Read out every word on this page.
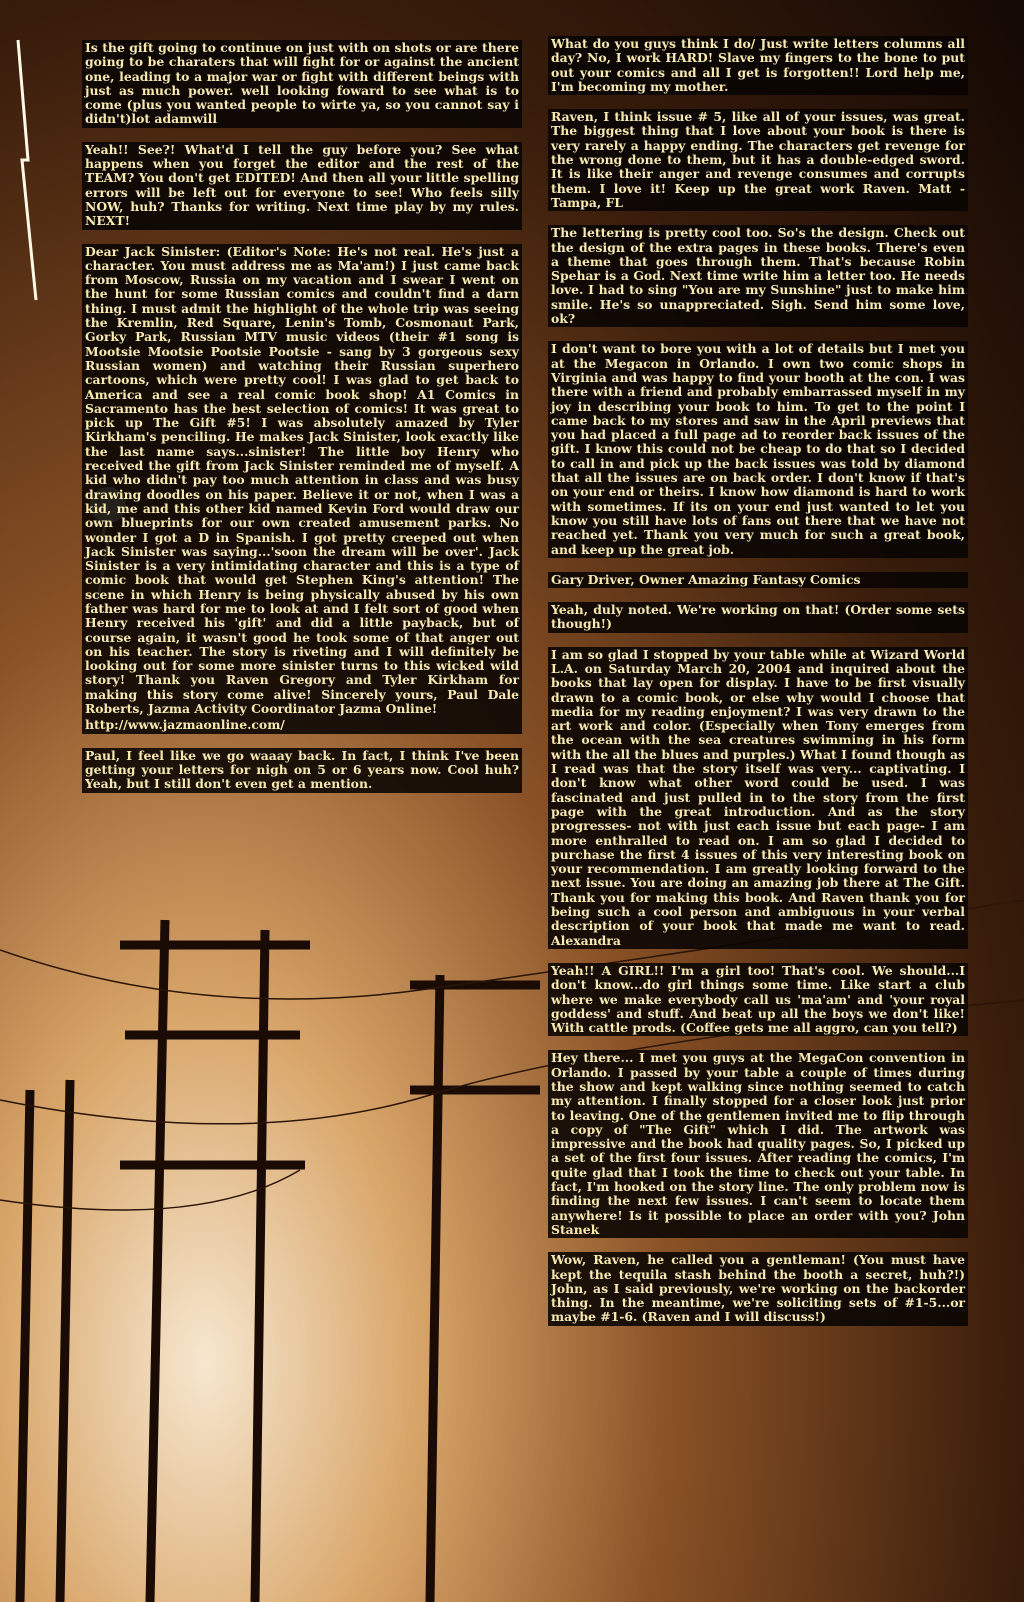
Is the gift going to continue on just with on shots or are there going to be charaters that will fight for or against the ancient one, leading to a major war or fight with different beings with just as much power. well looking foward to see what is to come (plus you wanted people to wirte ya, so you cannot say i didn't)lot adamwill

Yeah!! See?! What'd I tell the guy before you? See what happens when you forget the editor and the rest of the TEAM? You don't get EDITED! And then all your little spelling errors will be left out for everyone to see! Who feels silly NOW, huh? Thanks for writing. Next time play by my rules. NEXT!

Dear Jack Sinister: (Editor's Note: He's not real. He's just a character. You must address me as Ma'am!) I just came back from Moscow, Russia on my vacation and I swear I went on the hunt for some Russian comics and couldn't find a darn thing. I must admit the highlight of the whole trip was seeing the Kremlin, Red Square, Lenin's Tomb, Cosmonaut Park, Gorky Park, Russian MTV music videos (their #1 song is Mootsie Mootsie Pootsie Pootsie - sang by 3 gorgeous sexy Russian women) and watching their Russian superhero cartoons, which were pretty cool! I was glad to get back to America and see a real comic book shop! A1 Comics in Sacramento has the best selection of comics! It was great to pick up The Gift #5! I was absolutely amazed by Tyler Kirkham's penciling. He makes Jack Sinister, look exactly like the last name says...sinister! The little boy Henry who received the gift from Jack Sinister reminded me of myself. A kid who didn't pay too much attention in class and was busy drawing doodles on his paper. Believe it or not, when I was a kid, me and this other kid named Kevin Ford would draw our own blueprints for our own created amusement parks. No wonder I got a D in Spanish. I got pretty creeped out when Jack Sinister was saying...'soon the dream will be over'. Jack Sinister is a very intimidating character and this is a type of comic book that would get Stephen King's attention! The scene in which Henry is being physically abused by his own father was hard for me to look at and I felt sort of good when Henry received his 'gift' and did a little payback, but of course again, it wasn't good he took some of that anger out on his teacher. The story is riveting and I will definitely be looking out for some more sinister turns to this wicked wild story! Thank you Raven Gregory and Tyler Kirkham for making this story come alive! Sincerely yours, Paul Dale Roberts, Jazma Activity Coordinator Jazma Online!

http://www.jazmaonline.com/

Paul, I feel like we go waaay back. In fact, I think I've been getting your letters for nigh on 5 or 6 years now. Cool huh? Yeah, but I still don't even get a mention.

What do you guys think I do/ Just write letters columns all day? No, I work HARD! Slave my fingers to the bone to put out your comics and all I get is forgotten!! Lord help me, I'm becoming my mother.

Raven, I think issue # 5, like all of your issues, was great. The biggest thing that I love about your book is there is very rarely a happy ending. The characters get revenge for the wrong done to them, but it has a double-edged sword. It is like their anger and revenge consumes and corrupts them. I love it! Keep up the great work Raven. Matt - Tampa, FL

The lettering is pretty cool too. So's the design. Check out the design of the extra pages in these books. There's even a theme that goes through them. That's because Robin Spehar is a God. Next time write him a letter too. He needs love. I had to sing "You are my Sunshine" just to make him smile. He's so unappreciated. Sigh. Send him some love, ok?

I don't want to bore you with a lot of details but I met you at the Megacon in Orlando. I own two comic shops in Virginia and was happy to find your booth at the con. I was there with a friend and probably embarrassed myself in my joy in describing your book to him. To get to the point I came back to my stores and saw in the April previews that you had placed a full page ad to reorder back issues of the gift. I know this could not be cheap to do that so I decided to call in and pick up the back issues was told by diamond that all the issues are on back order. I don't know if that's on your end or theirs. I know how diamond is hard to work with sometimes. If its on your end just wanted to let you know you still have lots of fans out there that we have not reached yet. Thank you very much for such a great book, and keep up the great job.

Gary Driver, Owner Amazing Fantasy Comics

Yeah, duly noted. We're working on that! (Order some sets though!)

I am so glad I stopped by your table while at Wizard World L.A. on Saturday March 20, 2004 and inquired about the books that lay open for display. I have to be first visually drawn to a comic book, or else why would I choose that media for my reading enjoyment? I was very drawn to the art work and color. (Especially when Tony emerges from the ocean with the sea creatures swimming in his form with the all the blues and purples.) What I found though as I read was that the story itself was very... captivating. I don't know what other word could be used. I was fascinated and just pulled in to the story from the first page with the great introduction. And as the story progresses- not with just each issue but each page- I am more enthralled to read on. I am so glad I decided to purchase the first 4 issues of this very interesting book on your recommendation. I am greatly looking forward to the next issue. You are doing an amazing job there at The Gift. Thank you for making this book. And Raven thank you for being such a cool person and ambiguous in your verbal description of your book that made me want to read. Alexandra

Yeah!! A GIRL!! I'm a girl too! That's cool. We should...I don't know...do girl things some time. Like start a club where we make everybody call us 'ma'am' and 'your royal goddess' and stuff. And beat up all the boys we don't like! With cattle prods. (Coffee gets me all aggro, can you tell?)

Hey there... I met you guys at the MegaCon convention in Orlando. I passed by your table a couple of times during the show and kept walking since nothing seemed to catch my attention. I finally stopped for a closer look just prior to leaving. One of the gentlemen invited me to flip through a copy of "The Gift" which I did. The artwork was impressive and the book had quality pages. So, I picked up a set of the first four issues. After reading the comics, I'm quite glad that I took the time to check out your table. In fact, I'm hooked on the story line. The only problem now is finding the next few issues. I can't seem to locate them anywhere! Is it possible to place an order with you? John Stanek

Wow, Raven, he called you a gentleman! (You must have kept the tequila stash behind the booth a secret, huh?!) John, as I said previously, we're working on the backorder thing. In the meantime, we're soliciting sets of #1-5...or maybe #1-6. (Raven and I will discuss!)
